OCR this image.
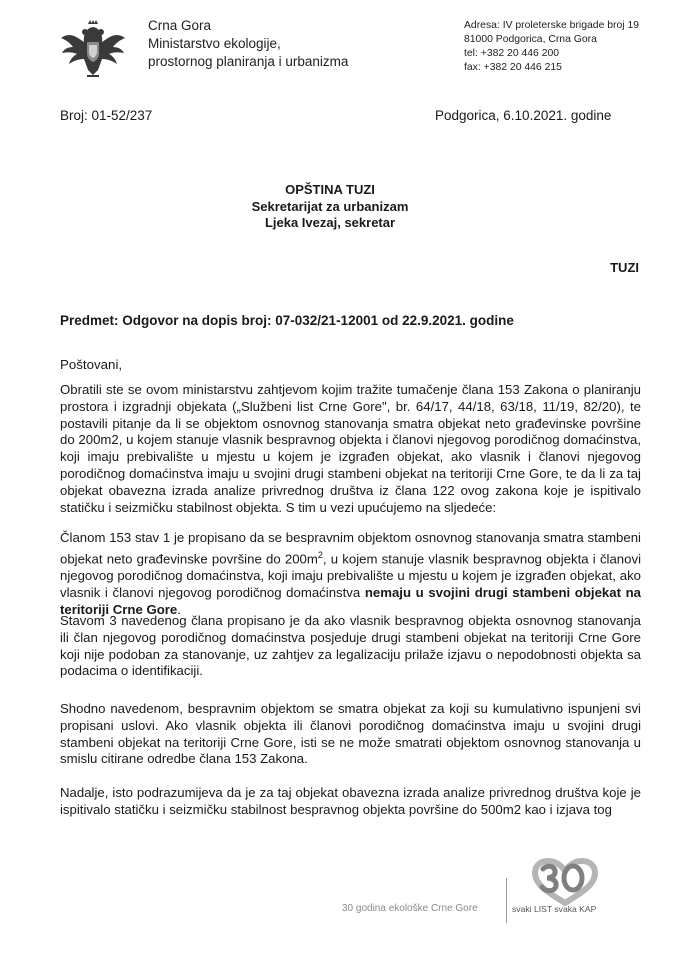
Crna Gora
Ministarstvo ekologije,
prostornog planiranja i urbanizma
Adresa: IV proleterske brigade broj 19
81000 Podgorica, Crna Gora
tel: +382 20 446 200
fax: +382 20 446 215
Broj: 01-52/237	Podgorica, 6.10.2021. godine
OPŠTINA TUZI
Sekretarijat za urbanizam
Ljeka Ivezaj, sekretar
TUZI
Predmet: Odgovor na dopis broj: 07-032/21-12001 od 22.9.2021. godine
Poštovani,

Obratili ste se ovom ministarstvu zahtjevom kojim tražite tumačenje člana 153 Zakona o planiranju prostora i izgradnji objekata („Službeni list Crne Gore", br. 64/17, 44/18, 63/18, 11/19, 82/20), te postavili pitanje da li se objektom osnovnog stanovanja smatra objekat neto građevinske površine do 200m2, u kojem stanuje vlasnik bespravnog objekta i članovi njegovog porodičnog domaćinstva, koji imaju prebivalište u mjestu u kojem je izgrađen objekat, ako vlasnik i članovi njegovog porodičnog domaćinstva imaju u svojini drugi stambeni objekat na teritoriji Crne Gore, te da li za taj objekat obavezna izrada analize privrednog društva iz člana 122 ovog zakona koje je ispitivalo statičku i seizmičku stabilnost objekta. S tim u vezi upućujemo na sljedeće:

Članom 153 stav 1 je propisano da se bespravnim objektom osnovnog stanovanja smatra stambeni objekat neto građevinske površine do $200m^2$, u kojem stanuje vlasnik bespravnog objekta i članovi njegovog porodičnog domaćinstva, koji imaju prebivalište u mjestu u kojem je izgrađen objekat, ako vlasnik i članovi njegovog porodičnog domaćinstva nemaju u svojini drugi stambeni objekat na teritoriji Crne Gore.

Stavom 3 navedenog člana propisano je da ako vlasnik bespravnog objekta osnovnog stanovanja ili član njegovog porodičnog domaćinstva posjeduje drugi stambeni objekat na teritoriji Crne Gore koji nije podoban za stanovanje, uz zahtjev za legalizaciju prilaže izjavu o nepodobnosti objekta sa podacima o identifikaciji.

Shodno navedenom, bespravnim objektom se smatra objekat za koji su kumulativno ispunjeni svi propisani uslovi. Ako vlasnik objekta ili članovi porodičnog domaćinstva imaju u svojini drugi stambeni objekat na teritoriji Crne Gore, isti se ne može smatrati objektom osnovnog stanovanja u smislu citirane odredbe člana 153 Zakona.

Nadalje, isto podrazumijeva da je za taj objekat obavezna izrada analize privrednog društva koje je ispitivalo statičku i seizmičku stabilnost bespravnog objekta površine do 500m2 kao i izjava tog

30 godina ekološke Crne Gore	svaki LIST svaka KAP
